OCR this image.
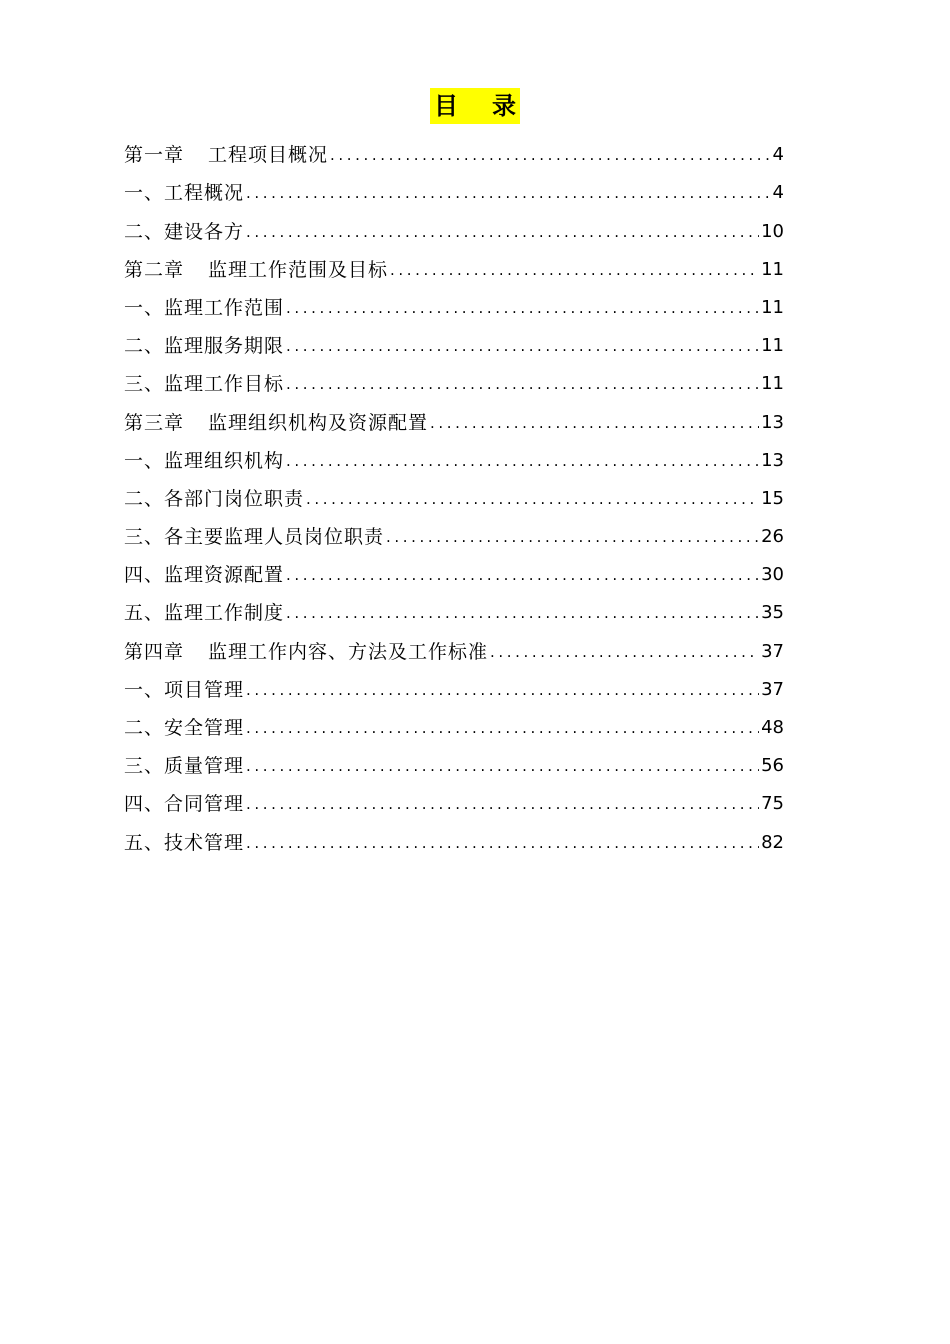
目 录
第一章 工程项目概况 .....	4
一、工程概况 .....	4
二、建设各方 .....	10
第二章 监理工作范围及目标 .....	11
一、监理工作范围 .....	11
二、监理服务期限 .....	11
三、监理工作目标 .....	11
第三章 监理组织机构及资源配置 .....	13
一、监理组织机构 .....	13
二、各部门岗位职责 .....	15
三、各主要监理人员岗位职责 .....	26
四、监理资源配置 .....	30
五、监理工作制度 .....	35
第四章 监理工作内容、方法及工作标准 .....	37
一、项目管理 .....	37
二、安全管理 .....	48
三、质量管理 .....	56
四、合同管理 .....	75
五、技术管理 .....	82
